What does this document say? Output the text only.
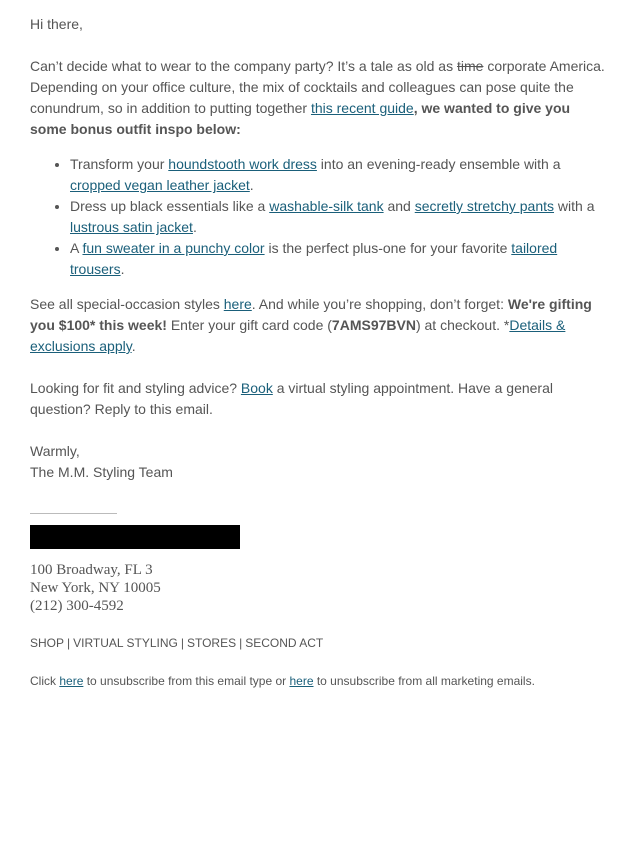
Hi there,

Can’t decide what to wear to the company party? It’s a tale as old as time corporate America. Depending on your office culture, the mix of cocktails and colleagues can pose quite the conundrum, so in addition to putting together this recent guide, we wanted to give you some bonus outfit inspo below:

• Transform your houndstooth work dress into an evening-ready ensemble with a cropped vegan leather jacket.
• Dress up black essentials like a washable-silk tank and secretly stretchy pants with a lustrous satin jacket.
• A fun sweater in a punchy color is the perfect plus-one for your favorite tailored trousers.

See all special-occasion styles here. And while you’re shopping, don’t forget: We're gifting you $100* this week! Enter your gift card code (7AMS97BVN) at checkout. *Details & exclusions apply.

Looking for fit and styling advice? Book a virtual styling appointment. Have a general question? Reply to this email.

Warmly,
The M.M. Styling Team

100 Broadway, FL 3
New York, NY 10005
(212) 300-4592
SHOP | VIRTUAL STYLING | STORES | SECOND ACT
Click here to unsubscribe from this email type or here to unsubscribe from all marketing emails.
